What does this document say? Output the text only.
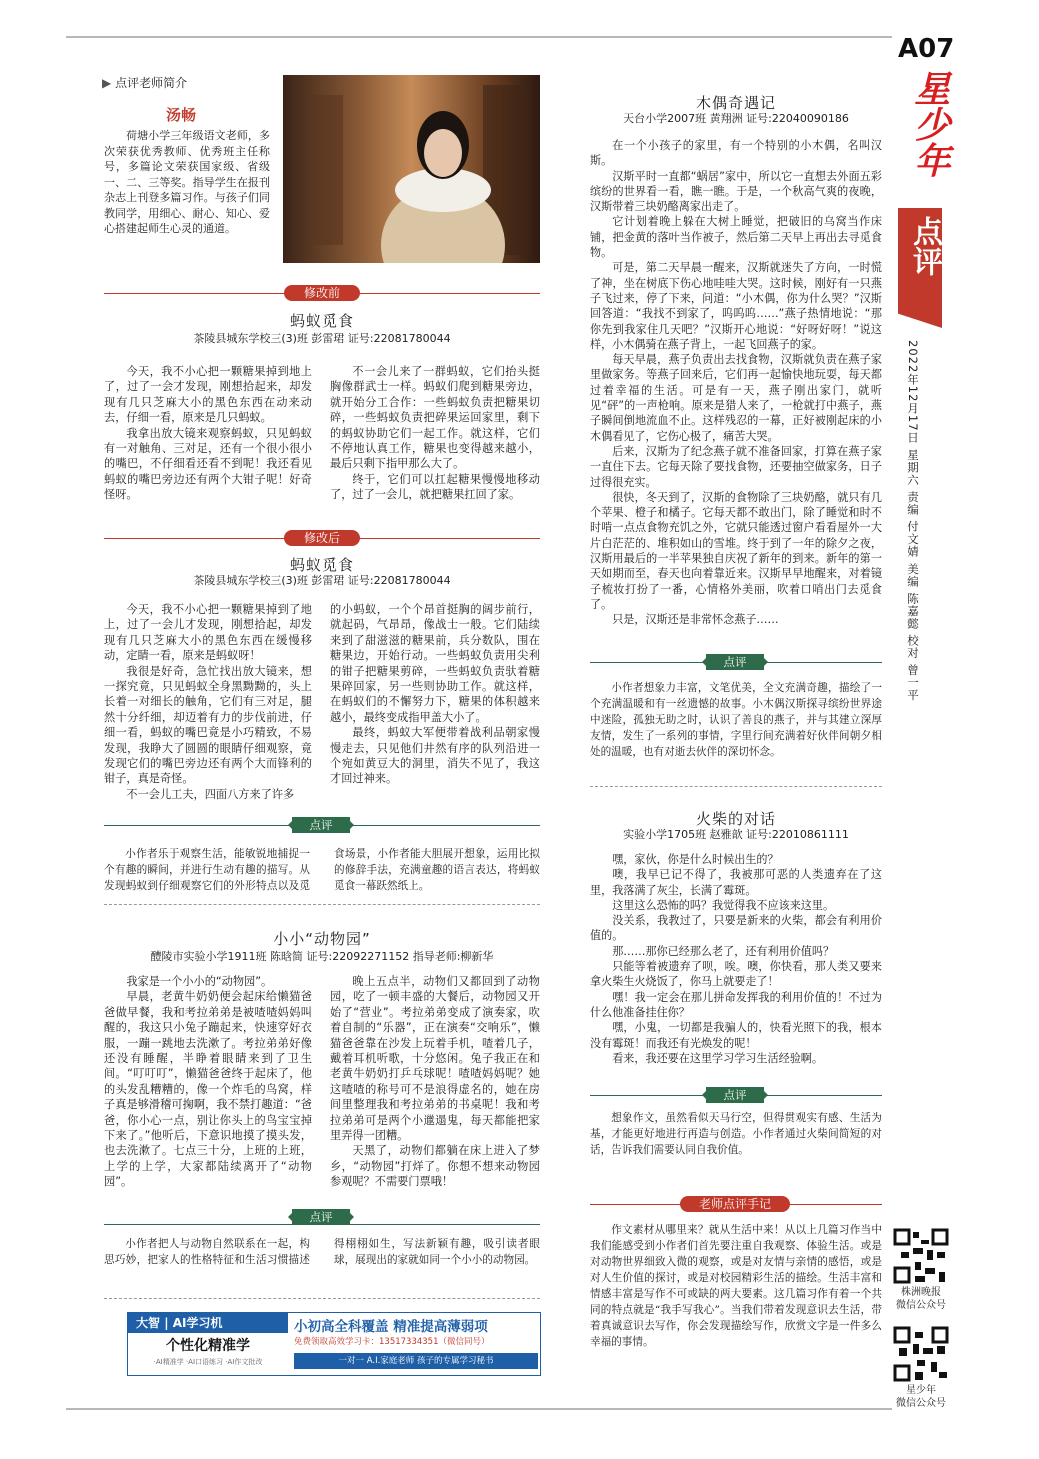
A07
星少年
点评
2022年12月17日 星期六 责编 付文婧 美编 陈嘉懿 校对 曾一平
▶ 点评老师简介
汤畅
荷塘小学三年级语文老师，多次荣获优秀教师、优秀班主任称号，多篇论文荣获国家级、省级一、二、三等奖。指导学生在报刊杂志上刊登多篇习作。与孩子们同教同学，用细心、耐心、知心、爱心搭建起师生心灵的通道。
修改前
蚂蚁觅食
茶陵县城东学校三(3)班 彭雷珺 证号:22081780044

今天，我不小心把一颗糖果掉到地上了，过了一会才发现，刚想拾起来，却发现有几只芝麻大小的黑色东西在动来动去，仔细一看，原来是几只蚂蚁。

我拿出放大镜来观察蚂蚁，只见蚂蚁有一对触角、三对足，还有一个很小很小的嘴巴，不仔细看还看不到呢！我还看见蚂蚁的嘴巴旁边还有两个大钳子呢！好奇怪呀。

不一会儿来了一群蚂蚁，它们抬头挺胸像群武士一样。蚂蚁们爬到糖果旁边，就开始分工合作：一些蚂蚁负责把糖果切碎，一些蚂蚁负责把碎果运回家里，剩下的蚂蚁协助它们一起工作。就这样，它们不停地认真工作，糖果也变得越来越小，最后只剩下指甲那么大了。

终于，它们可以扛起糖果慢慢地移动了，过了一会儿，就把糖果扛回了家。

修改后
蚂蚁觅食
茶陵县城东学校三(3)班 彭雷珺 证号:22081780044

今天，我不小心把一颗糖果掉到了地上，过了一会儿才发现，刚想拾起，却发现有几只芝麻大小的黑色东西在缓慢移动，定睛一看，原来是蚂蚁呀！

我很是好奇，急忙找出放大镜来，想一探究竟，只见蚂蚁全身黑黝黝的，头上长着一对细长的触角，它们有三对足，腿然十分纤细，却迈着有力的步伐前进，仔细一看，蚂蚁的嘴巴竟是小巧精致，不易发现，我睁大了圆圆的眼睛仔细观察，竟发现它们的嘴巴旁边还有两个大而锋利的钳子，真是奇怪。

不一会儿工夫，四面八方来了许多

的小蚂蚁，一个个昂首挺胸的阔步前行，就起码，气昂昂，像战士一般。它们陆续来到了甜滋滋的糖果前，兵分数队，围在糖果边，开始行动。一些蚂蚁负责用尖利的钳子把糖果剪碎，一些蚂蚁负责驮着糖果碎回家，另一些则协助工作。就这样，在蚂蚁们的不懈努力下，糖果的体积越来越小，最终变成指甲盖大小了。

最终，蚂蚁大军便带着战利品朝家慢慢走去，只见他们井然有序的队列沿进一个宛如黄豆大的洞里，消失不见了，我这才回过神来。

点评

小作者乐于观察生活，能敏锐地捕捉一个有趣的瞬间，并进行生动有趣的描写。从发现蚂蚁到仔细观察它们的外形特点以及觅食场景，小作者能大胆展开想象，运用比拟的修辞手法，充满童趣的语言表达，将蚂蚁觅食一幕跃然纸上。

小小“动物园”
醴陵市实验小学1911班 陈晗简 证号:22092271152 指导老师:柳新华

我家是一个小小的“动物园”。

早晨，老黄牛奶奶便会起床给懒猫爸爸做早餐，我和考拉弟弟是被喳喳妈妈叫醒的，我这只小兔子蹦起来，快速穿好衣服，一蹦一跳地去洗漱了。考拉弟弟好像还没有睡醒，半睁着眼睛来到了卫生间。“叮叮叮”，懒猫爸爸终于起床了，他的头发乱糟糟的，像一个炸毛的鸟窝，样子真是够滑稽可掬啊，我不禁打趣道：“爸爸，你小心一点，别让你头上的鸟宝宝掉下来了。”他听后，下意识地摸了摸头发，也去洗漱了。七点三十分，上班的上班，上学的上学，大家都陆续离开了“动物园”。

晚上五点半，动物们又都回到了动物园，吃了一顿丰盛的大餐后，动物园又开始了“营业”。考拉弟弟变成了演奏家，吹着自制的“乐器”，正在演奏“交响乐”，懒猫爸爸靠在沙发上玩着手机，喳着几子，戴着耳机听歌，十分悠闲。兔子我正在和老黄牛奶奶打乒乓球呢！喳喳妈妈呢？她这喳喳的称号可不是浪得虚名的，她在房间里整理我和考拉弟弟的书桌呢！我和考拉弟弟可是两个小邋遢鬼，每天都能把家里弄得一团糟。

天黑了，动物们都躺在床上进入了梦乡，“动物园”打烊了。你想不想来动物园参观呢？不需要门票哦！

点评

小作者把人与动物自然联系在一起，构思巧妙，把家人的性格特征和生活习惯描述得栩栩如生，写法新颖有趣，吸引读者眼球，展现出的家就如同一个小小的动物园。

大智 | AI学习机
个性化精准学
·AI精准学 ·AI口语练习 ·AI作文批改
小初高全科覆盖 精准提高薄弱项
免费领取高效学习卡：13517334351（微信同号）
一对一 A.I.家庭老师 孩子的专属学习秘书
木偶奇遇记
天台小学2007班 黄翔洲 证号:22040090186

在一个小孩子的家里，有一个特别的小木偶，名叫汉斯。

汉斯平时一直都“蜗居”家中，所以它一直想去外面五彩缤纷的世界看一看，瞧一瞧。于是，一个秋高气爽的夜晚，汉斯带着三块奶酪离家出走了。

它计划着晚上躲在大树上睡觉，把破旧的乌窝当作床铺，把金黄的落叶当作被子，然后第二天早上再出去寻觅食物。

可是，第二天早晨一醒来，汉斯就迷失了方向，一时慌了神，坐在树底下伤心地哇哇大哭。这时候，刚好有一只燕子飞过来，停了下来，问道：“小木偶，你为什么哭？”汉斯回答道：“我找不到家了，呜呜呜……”燕子热情地说：“那你先到我家住几天吧？”汉斯开心地说：“好呀好呀！”说这样，小木偶骑在燕子背上，一起飞回燕子的家。

每天早晨，燕子负责出去找食物，汉斯就负责在燕子家里做家务。等燕子回来后，它们再一起愉快地玩耍，每天都过着幸福的生活。可是有一天，燕子刚出家门，就听见“砰”的一声枪响。原来是猎人来了，一枪就打中燕子，燕子瞬间倒地流血不止。这样残忍的一幕，正好被刚起床的小木偶看见了，它伤心极了，痛苦大哭。

后来，汉斯为了纪念燕子就不准备回家，打算在燕子家一直住下去。它每天除了要找食物，还要抽空做家务，日子过得很充实。

很快，冬天到了，汉斯的食物除了三块奶酪，就只有几个苹果、橙子和橘子。它每天都不敢出门，除了睡觉和时不时啃一点点食物充饥之外，它就只能透过窗户看看屋外一大片白茫茫的、堆积如山的雪堆。终于到了一年的除夕之夜，汉斯用最后的一半苹果独自庆祝了新年的到来。新年的第一天如期而至，春天也向着靠近来。汉斯早早地醒来，对着镜子梳妆打扮了一番，心情格外美丽，吹着口哨出门去觅食了。

只是，汉斯还是非常怀念燕子……

点评

小作者想象力丰富，文笔优美，全文充满奇趣，描绘了一个充满温暖和有一丝遗憾的故事。小木偶汉斯探寻缤纷世界途中迷险，孤独无助之时，认识了善良的燕子，并与其建立深厚友情，发生了一系列的事情，字里行间充满着好伙伴间朝夕相处的温暖，也有对逝去伙伴的深切怀念。

火柴的对话
实验小学1705班 赵雅歆 证号:22010861111

嘿，家伙，你是什么时候出生的？

噢，我早已记不得了，我被那可恶的人类遗弃在了这里，我落满了灰尘，长满了霉斑。

这里这么恐怖的吗？我觉得我不应该来这里。

没关系，我教过了，只要是新来的火柴，都会有利用价值的。

那……那你已经那么老了，还有利用价值吗？

只能等着被遗弃了呗，唉。噢，你快看，那人类又要来拿火柴生火烧饭了，你马上就要走了！

嘿！我一定会在那儿拼命发挥我的利用价值的！不过为什么他准备挂住你？

嘿，小鬼，一切都是我骗人的，快看光照下的我，根本没有霉斑！而我还有光焕发的呢！

看来，我还要在这里学习学习生活经验啊。

点评

想象作文，虽然看似天马行空，但得贯观实有感、生活为基，才能更好地进行再造与创造。小作者通过火柴间简短的对话，告诉我们需要认同自我价值。

老师点评手记

作文素材从哪里来？就从生活中来！从以上几篇习作当中我们能感受到小作者们首先要注重自我观察、体验生活。或是对动物世界细致入微的观察，或是对友情与亲情的感悟，或是对人生价值的探讨，或是对校园精彩生活的描绘。生活丰富和情感丰富是写作不可或缺的两大要素。这几篇习作有着一个共同的特点就是“我手写我心”。当我们带着发现意识去生活，带着真诚意识去写作，你会发现描绘写作，欣赏文字是一件多么幸福的事情。

株洲晚报
微信公众号
星少年
微信公众号
